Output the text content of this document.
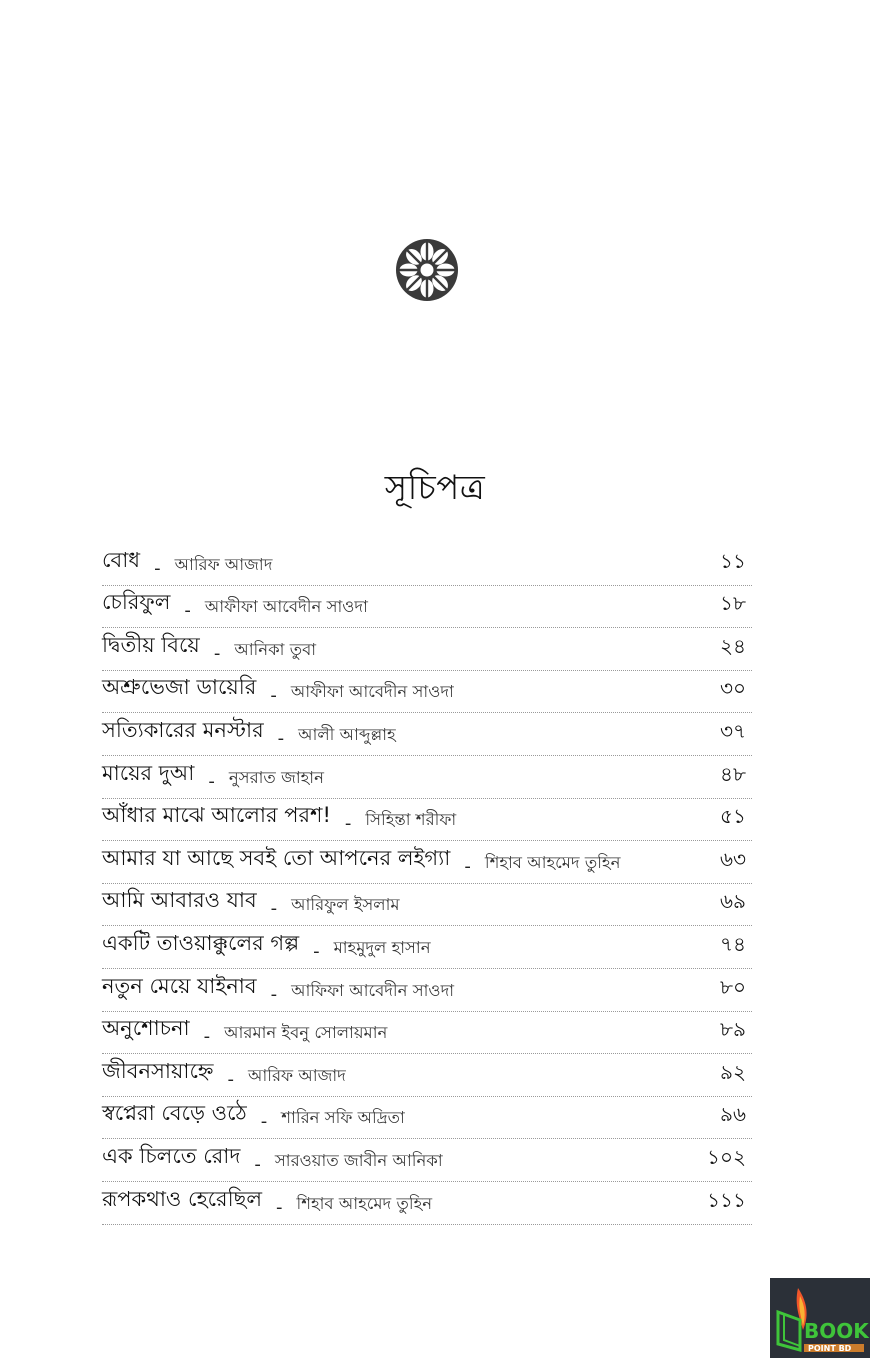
সূচিপত্র
বোধ - আরিফ আজাদ	১১
চেরিফুল - আফীফা আবেদীন সাওদা	১৮
দ্বিতীয় বিয়ে - আনিকা তুবা	২৪
অশ্রুভেজা ডায়েরি - আফীফা আবেদীন সাওদা	৩০
সত্যিকারের মনস্টার - আলী আব্দুল্লাহ	৩৭
মায়ের দুআ - নুসরাত জাহান	৪৮
আঁধার মাঝে আলোর পরশ! - সিহিন্তা শরীফা	৫১
আমার যা আছে সবই তো আপনের লইগ্যা - শিহাব আহমেদ তুহিন	৬৩
আমি আবারও যাব - আরিফুল ইসলাম	৬৯
একটি তাওয়াক্কুলের গল্প - মাহমুদুল হাসান	৭৪
নতুন মেয়ে যাইনাব - আফিফা আবেদীন সাওদা	৮০
অনুশোচনা - আরমান ইবনু সোলায়মান	৮৯
জীবনসায়াহ্নে - আরিফ আজাদ	৯২
স্বপ্নেরা বেড়ে ওঠে - শারিন সফি অদ্রিতা	৯৬
এক চিলতে রোদ - সারওয়াত জাবীন আনিকা	১০২
রূপকথাও হেরেছিল - শিহাব আহমেদ তুহিন	১১১
BOOK
POINT BD
